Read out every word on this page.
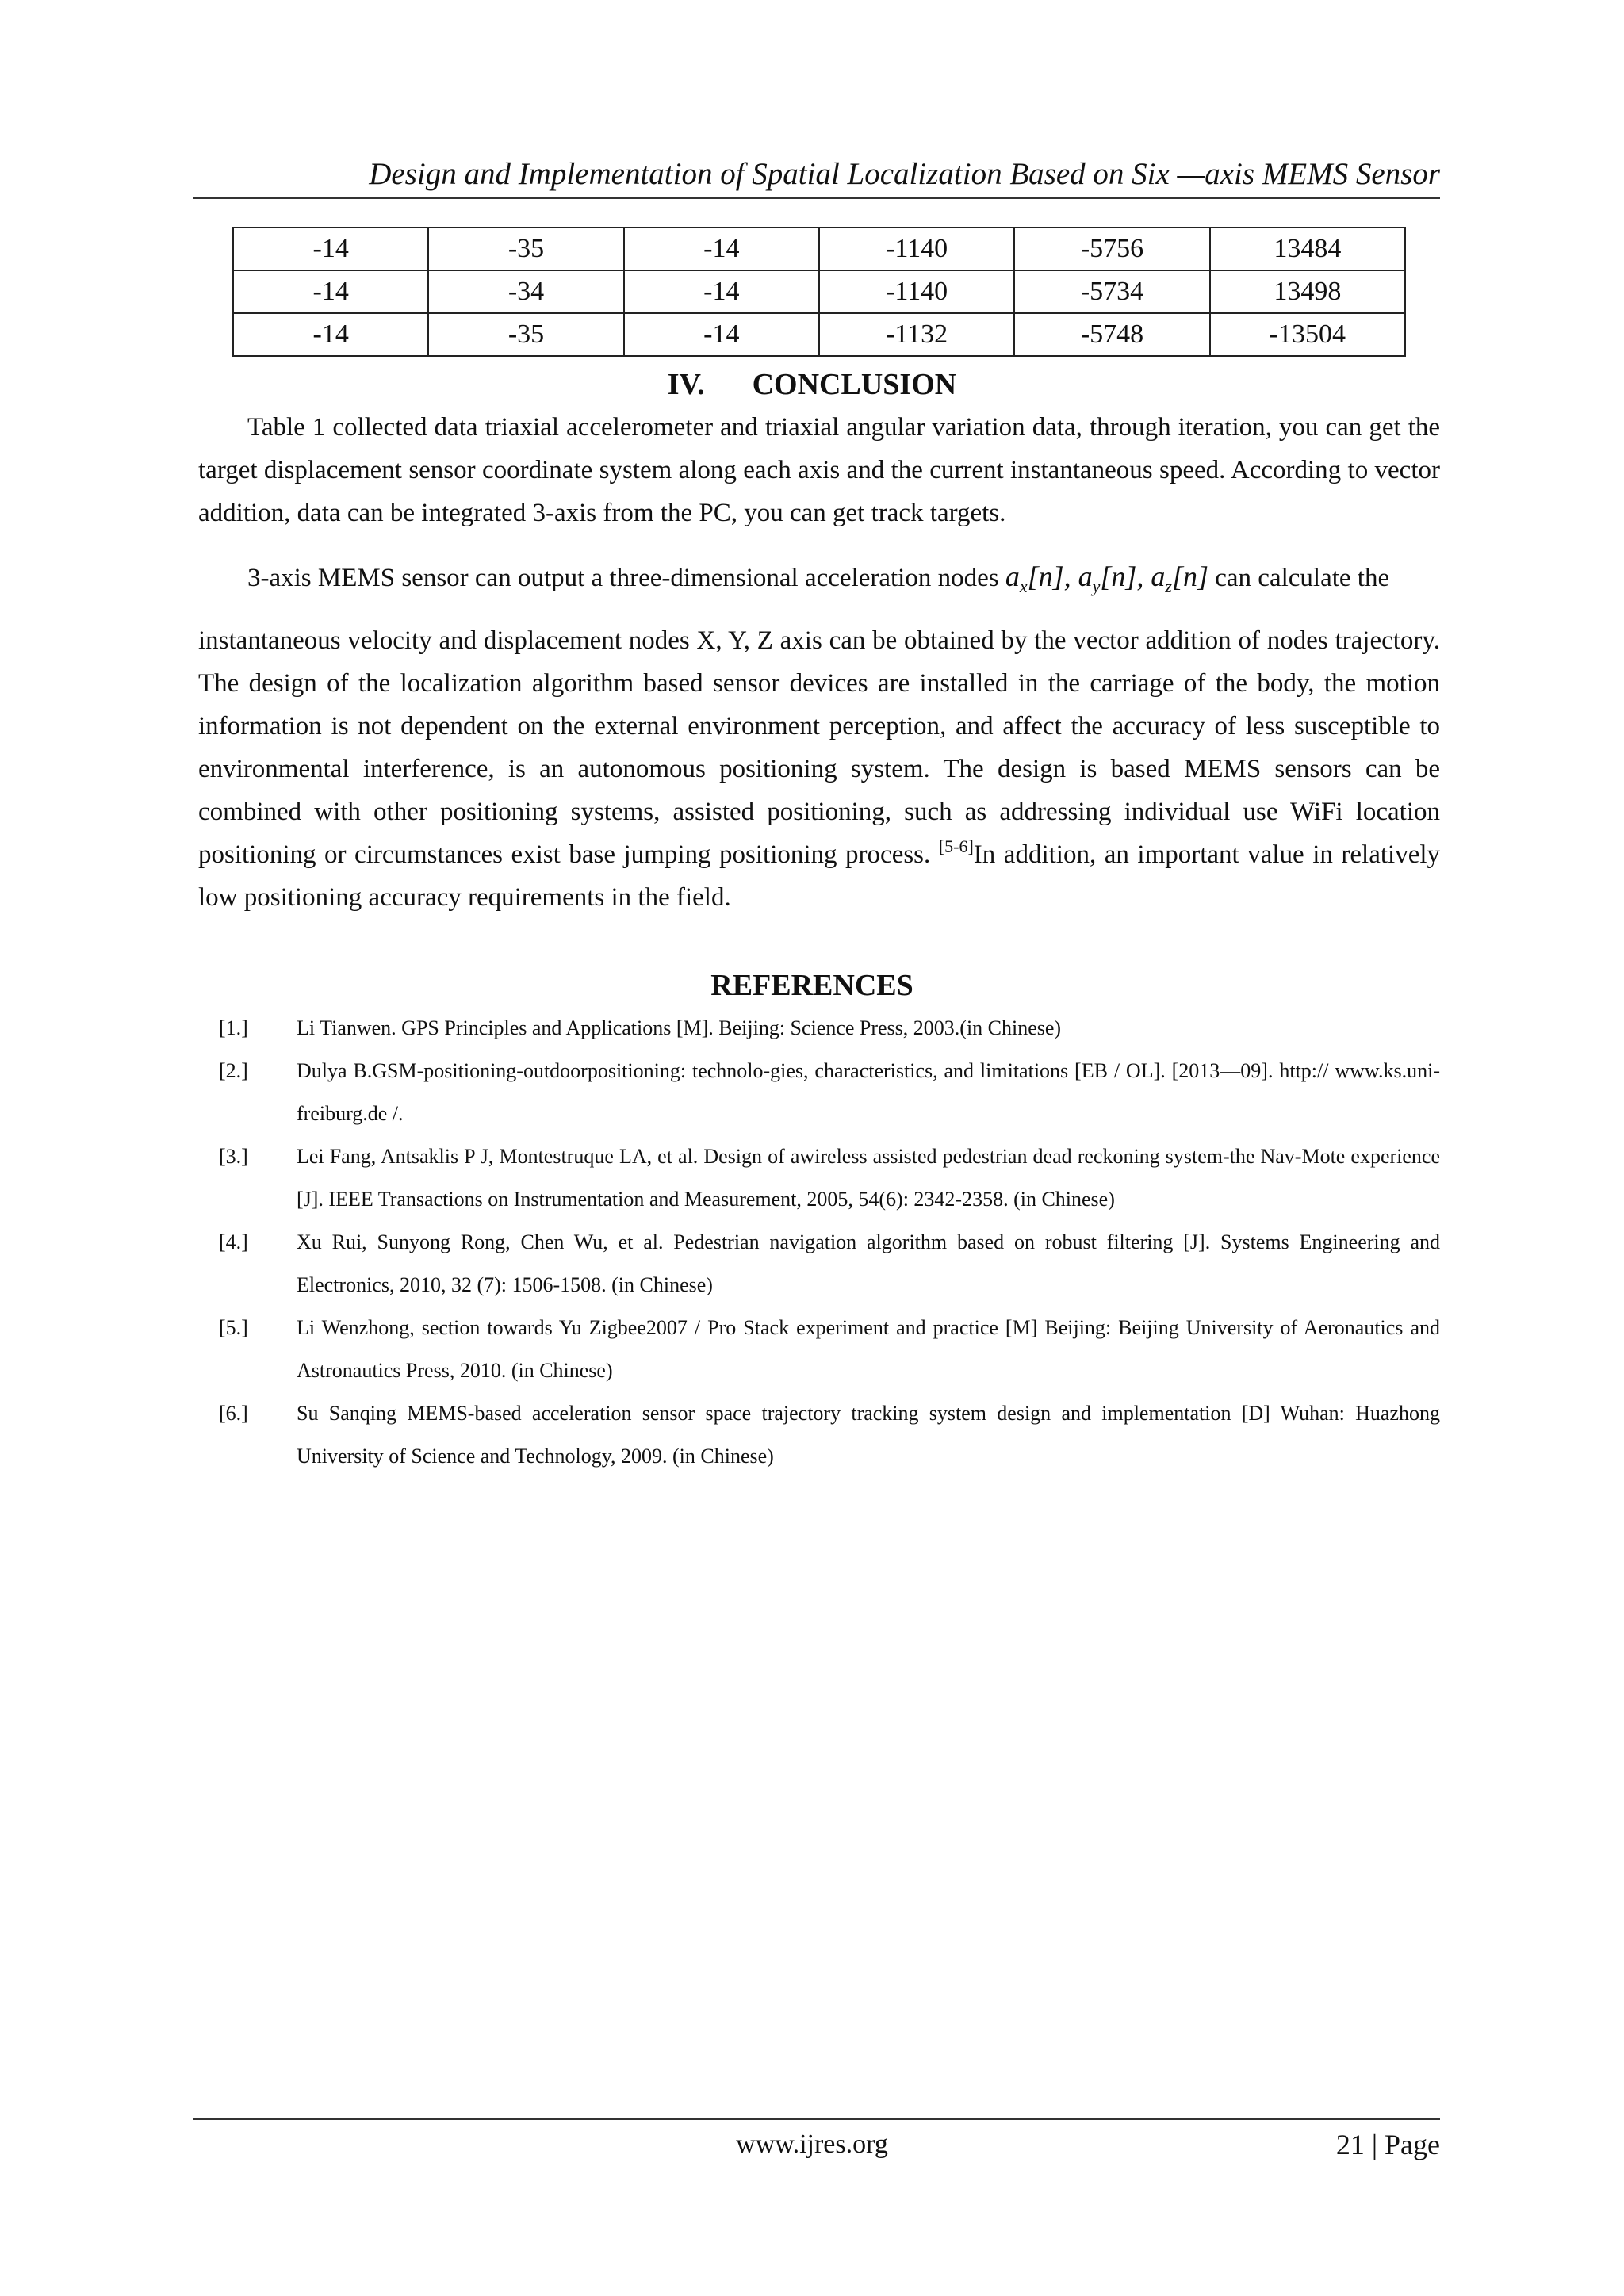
Design and Implementation of Spatial Localization Based on Six —axis MEMS Sensor
-14	-35	-14	-1140	-5756	13484
-14	-34	-14	-1140	-5734	13498
-14	-35	-14	-1132	-5748	-13504
IV. CONCLUSION

Table 1 collected data triaxial accelerometer and triaxial angular variation data, through iteration, you can get the target displacement sensor coordinate system along each axis and the current instantaneous speed. According to vector addition, data can be integrated 3-axis from the PC, you can get track targets.

3-axis MEMS sensor can output a three-dimensional acceleration nodes $a_x[n]$, $a_y[n]$, $a_z[n]$ can calculate the

instantaneous velocity and displacement nodes X, Y, Z axis can be obtained by the vector addition of nodes trajectory. The design of the localization algorithm based sensor devices are installed in the carriage of the body, the motion information is not dependent on the external environment perception, and affect the accuracy of less susceptible to environmental interference, is an autonomous positioning system. The design is based MEMS sensors can be combined with other positioning systems, assisted positioning, such as addressing individual use WiFi location positioning or circumstances exist base jumping positioning process. [5-6]In addition, an important value in relatively low positioning accuracy requirements in the field.

REFERENCES
[1.]	Li Tianwen. GPS Principles and Applications [M]. Beijing: Science Press, 2003.(in Chinese)
[2.]	Dulya B.GSM-positioning-outdoorpositioning: technolo-gies, characteristics, and limitations [EB / OL]. [2013—09]. http:// www.ks.uni-freiburg.de /.
[3.]	Lei Fang, Antsaklis P J, Montestruque LA, et al. Design of awireless assisted pedestrian dead reckoning system-the Nav-Mote experience [J]. IEEE Transactions on Instrumentation and Measurement, 2005, 54(6): 2342-2358. (in Chinese)
[4.]	Xu Rui, Sunyong Rong, Chen Wu, et al. Pedestrian navigation algorithm based on robust filtering [J]. Systems Engineering and Electronics, 2010, 32 (7): 1506-1508. (in Chinese)
[5.]	Li Wenzhong, section towards Yu Zigbee2007 / Pro Stack experiment and practice [M] Beijing: Beijing University of Aeronautics and Astronautics Press, 2010. (in Chinese)
[6.]	Su Sanqing MEMS-based acceleration sensor space trajectory tracking system design and implementation [D] Wuhan: Huazhong University of Science and Technology, 2009. (in Chinese)
www.ijres.org	21 | Page
